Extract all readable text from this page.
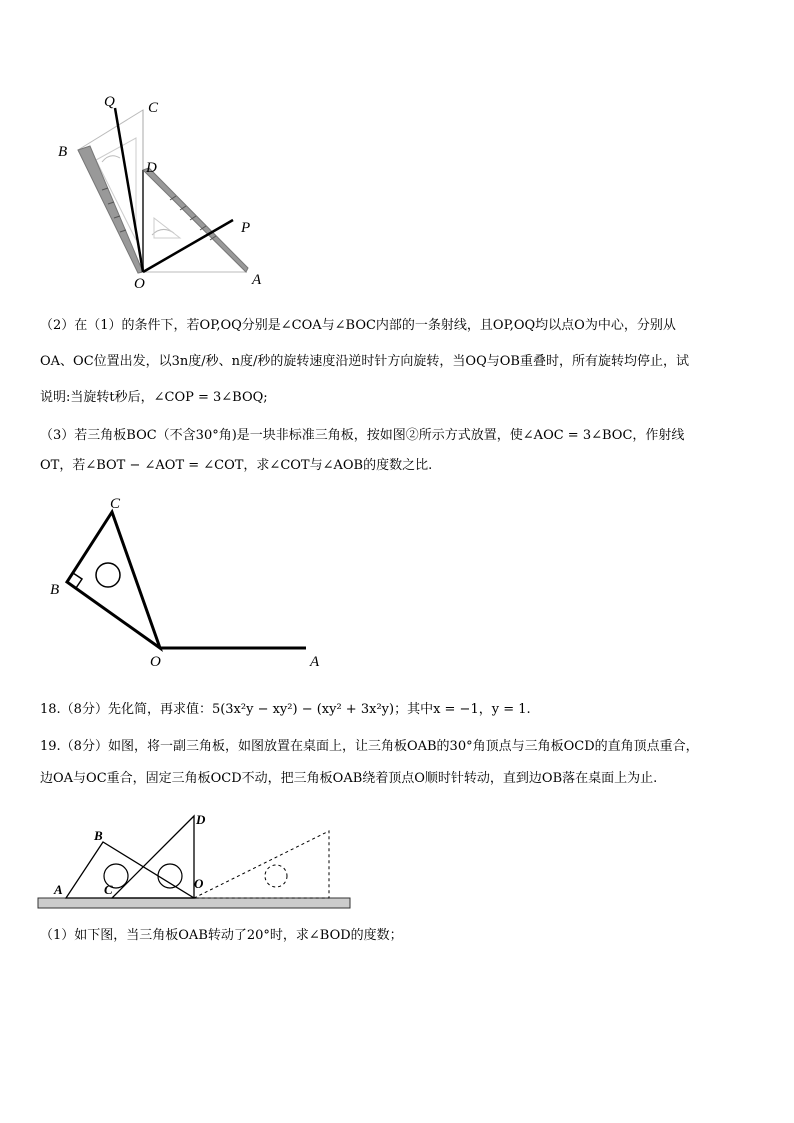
Q C
B
D
P
O	A
（2）在（1）的条件下，若OP,OQ分别是∠COA与∠BOC内部的一条射线，且OP,OQ均以点O为中心，分别从
OA、OC位置出发，以3n度/秒、n度/秒的旋转速度沿逆时针方向旋转，当OQ与OB重叠时，所有旋转均停止，试
说明:当旋转t秒后，∠COP = 3∠BOQ;
（3）若三角板BOC（不含30°角)是一块非标准三角板，按如图②所示方式放置，使∠AOC = 3∠BOC，作射线
OT，若∠BOT − ∠AOT = ∠COT，求∠COT与∠AOB的度数之比.
C
B
O	A
18.（8分）先化简，再求值：5(3x²y − xy²) − (xy² + 3x²y)；其中x = −1，y = 1.
19.（8分）如图，将一副三角板，如图放置在桌面上，让三角板OAB的30°角顶点与三角板OCD的直角顶点重合，
边OA与OC重合，固定三角板OCD不动，把三角板OAB绕着顶点O顺时针转动，直到边OB落在桌面上为止.
B
D
A	C	O
（1）如下图，当三角板OAB转动了20°时，求∠BOD的度数；
